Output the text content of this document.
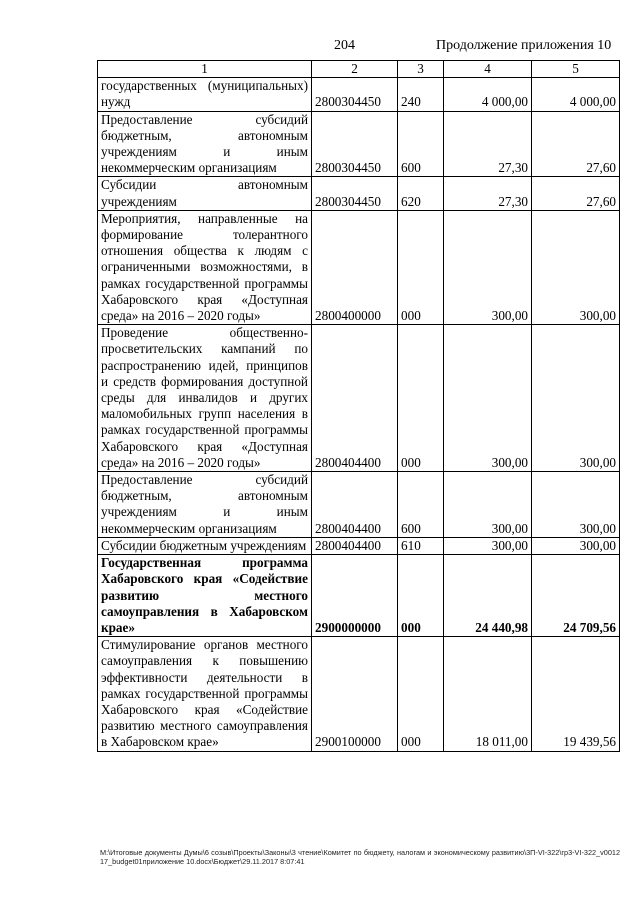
204	Продолжение приложения 10
1	2	3	4	5
государственных (муниципальных) нужд	2800304450	240	4 000,00	4 000,00
Предоставление субсидий бюджетным, автономным учреждениям и иным некоммерческим организациям	2800304450	600	27,30	27,60
Субсидии автономным учреждениям	2800304450	620	27,30	27,60
Мероприятия, направленные на формирование толерантного отношения общества к людям с ограниченными возможностями, в рамках государственной программы Хабаровского края «Доступная среда» на 2016 – 2020 годы»	2800400000	000	300,00	300,00
Проведение общественно-просветительских кампаний по распространению идей, принципов и средств формирования доступной среды для инвалидов и других маломобильных групп населения в рамках государственной программы Хабаровского края «Доступная среда» на 2016 – 2020 годы»	2800404400	000	300,00	300,00
Предоставление субсидий бюджетным, автономным учреждениям и иным некоммерческим организациям	2800404400	600	300,00	300,00
Субсидии бюджетным учреждениям	2800404400	610	300,00	300,00
Государственная программа Хабаровского края «Содействие развитию местного самоуправления в Хабаровском крае»	2900000000	000	24 440,98	24 709,56
Стимулирование органов местного самоуправления к повышению эффективности деятельности в рамках государственной программы Хабаровского края «Содействие развитию местного самоуправления в Хабаровском крае»	2900100000	000	18 011,00	19 439,56
M:\Итоговые документы Думы\6 созыв\Проекты\Законы\3 чтение\Комитет по бюджету, налогам и экономическому развитию\3П-VI-322\гр3-VI-322_v001217_budget01приложение 10.docx\Бюджет\29.11.2017 8:07:41
